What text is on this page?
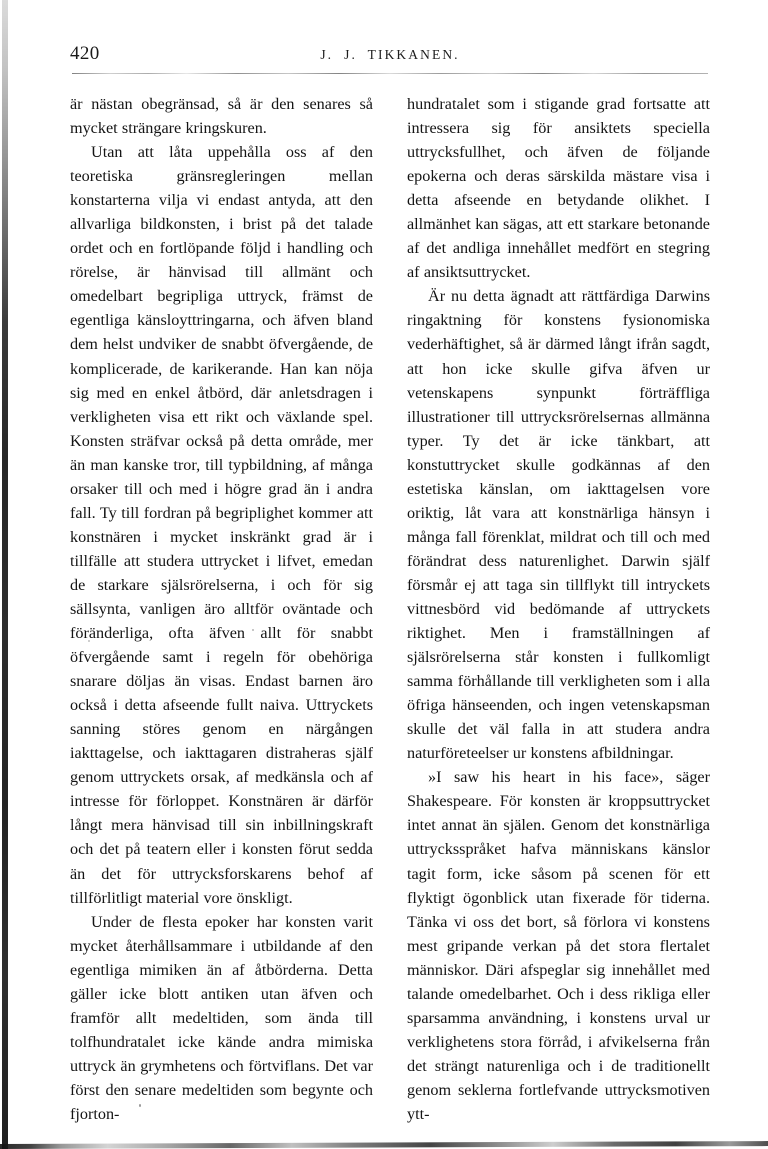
420	J.  J.  TIKKANEN.

är nästan obegränsad, så är den senares så mycket strängare kringskuren.

Utan att låta uppehålla oss af den teoretiska gränsregleringen mellan konstarterna vilja vi endast antyda, att den allvarliga bildkonsten, i brist på det talade ordet och en fortlöpande följd i handling och rörelse, är hänvisad till allmänt och omedelbart begripliga uttryck, främst de egentliga känsloyttringarna, och äfven bland dem helst undviker de snabbt öfvergående, de komplicerade, de karikerande. Han kan nöja sig med en enkel åtbörd, där anletsdragen i verkligheten visa ett rikt och växlande spel. Konsten sträfvar också på detta område, mer än man kanske tror, till typbildning, af många orsaker till och med i högre grad än i andra fall. Ty till fordran på begriplighet kommer att konstnären i mycket inskränkt grad är i tillfälle att studera uttrycket i lifvet, emedan de starkare själsrörelserna, i och för sig sällsynta, vanligen äro alltför oväntade och föränderliga, ofta äfven allt för snabbt öfvergående samt i regeln för obehöriga snarare döljas än visas. Endast barnen äro också i detta afseende fullt naiva. Uttryckets sanning störes genom en närgången iakttagelse, och iakttagaren distraheras själf genom uttryckets orsak, af medkänsla och af intresse för förloppet. Konstnären är därför långt mera hänvisad till sin inbillningskraft och det på teatern eller i konsten förut sedda än det för uttrycksforskarens behof af tillförlitligt material vore önskligt.

Under de flesta epoker har konsten varit mycket återhållsammare i utbildande af den egentliga mimiken än af åtbörderna. Detta gäller icke blott antiken utan äfven och framför allt medeltiden, som ända till tolfhundratalet icke kände andra mimiska uttryck än grymhetens och förtviflans. Det var först den senare medeltiden som begynte och fjorton-

hundratalet som i stigande grad fortsatte att intressera sig för ansiktets speciella uttrycksfullhet, och äfven de följande epokerna och deras särskilda mästare visa i detta afseende en betydande olikhet. I allmänhet kan sägas, att ett starkare betonande af det andliga innehållet medfört en stegring af ansiktsuttrycket.

Är nu detta ägnadt att rättfärdiga Darwins ringaktning för konstens fysionomiska vederhäftighet, så är därmed långt ifrån sagdt, att hon icke skulle gifva äfven ur vetenskapens synpunkt förträffliga illustrationer till uttrycksrörelsernas allmänna typer. Ty det är icke tänkbart, att konstuttrycket skulle godkännas af den estetiska känslan, om iakttagelsen vore oriktig, låt vara att konstnärliga hänsyn i många fall förenklat, mildrat och till och med förändrat dess naturenlighet. Darwin själf försmår ej att taga sin tillflykt till intryckets vittnesbörd vid bedömande af uttryckets riktighet. Men i framställningen af själsrörelserna står konsten i fullkomligt samma förhållande till verkligheten som i alla öfriga hänseenden, och ingen vetenskapsman skulle det väl falla in att studera andra naturföreteelser ur konstens afbildningar.

»I saw his heart in his face», säger Shakespeare. För konsten är kroppsuttrycket intet annat än själen. Genom det konstnärliga uttrycksspråket hafva människans känslor tagit form, icke såsom på scenen för ett flyktigt ögonblick utan fixerade för tiderna. Tänka vi oss det bort, så förlora vi konstens mest gripande verkan på det stora flertalet människor. Däri afspeglar sig innehållet med talande omedelbarhet. Och i dess rikliga eller sparsamma användning, i konstens urval ur verklighetens stora förråd, i afvikelserna från det strängt naturenliga och i de traditionellt genom seklerna fortlefvande uttrycksmotiven ytt-
